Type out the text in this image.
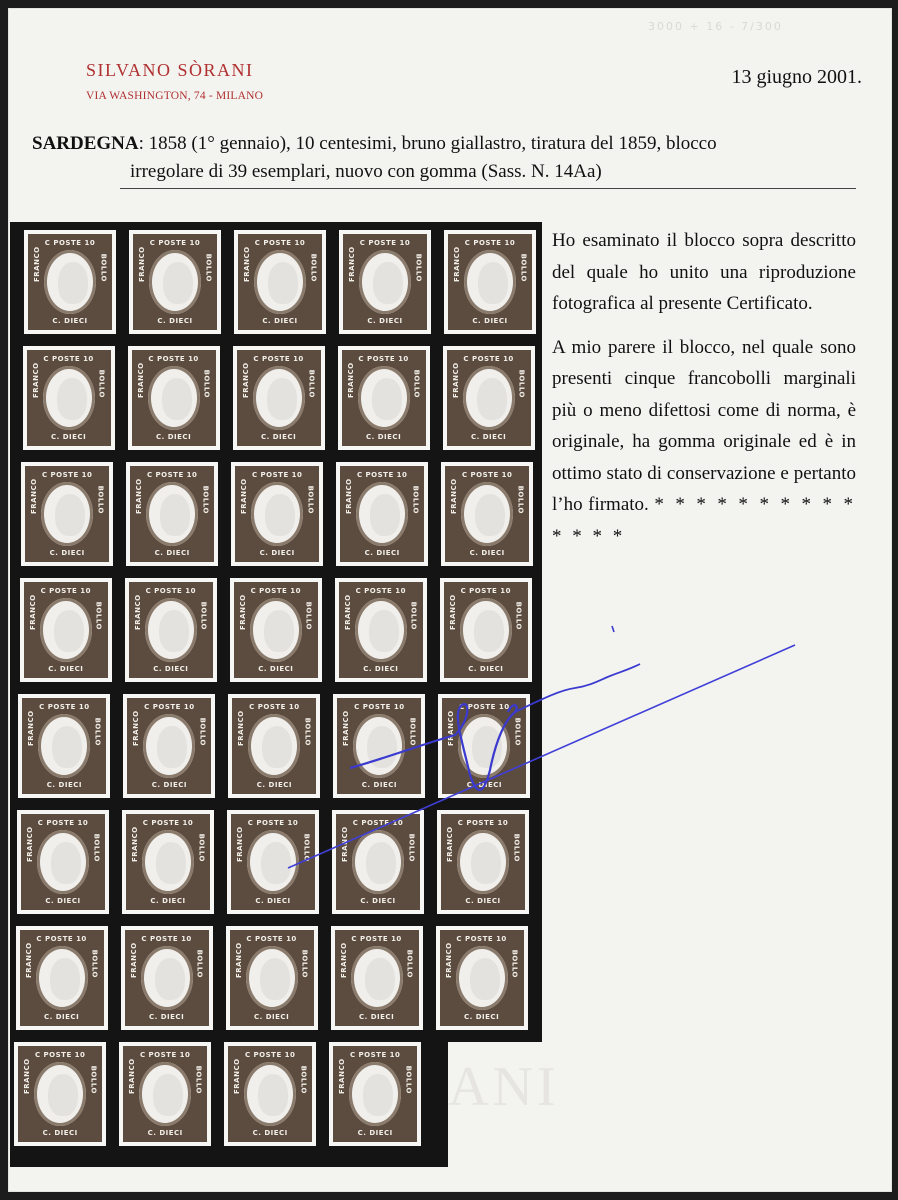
3000 + 16 - 7/300
SILVANO SÒRANI
VIA WASHINGTON, 74 - MILANO
13 giugno 2001.
SARDEGNA: 1858 (1° gennaio), 10 centesimi, bruno giallastro, tiratura del 1859, blocco
irregolare di 39 esemplari, nuovo con gomma (Sass. N. 14Aa)
C POSTE 10
FRANCO	BOLLO
C. DIECI
C POSTE 10
FRANCO	BOLLO
C. DIECI
C POSTE 10
FRANCO	BOLLO
C. DIECI
C POSTE 10
FRANCO	BOLLO
C. DIECI
C POSTE 10
FRANCO	BOLLO
C. DIECI
C POSTE 10
FRANCO	BOLLO
C. DIECI
C POSTE 10
FRANCO	BOLLO
C. DIECI
C POSTE 10
FRANCO	BOLLO
C. DIECI
C POSTE 10
FRANCO	BOLLO
C. DIECI
C POSTE 10
FRANCO	BOLLO
C. DIECI
C POSTE 10
FRANCO	BOLLO
C. DIECI
C POSTE 10
FRANCO	BOLLO
C. DIECI
C POSTE 10
FRANCO	BOLLO
C. DIECI
C POSTE 10
FRANCO	BOLLO
C. DIECI
C POSTE 10
FRANCO	BOLLO
C. DIECI
C POSTE 10
FRANCO	BOLLO
C. DIECI
C POSTE 10
FRANCO	BOLLO
C. DIECI
C POSTE 10
FRANCO	BOLLO
C. DIECI
C POSTE 10
FRANCO	BOLLO
C. DIECI
C POSTE 10
FRANCO	BOLLO
C. DIECI
C POSTE 10
FRANCO	BOLLO
C. DIECI
C POSTE 10
FRANCO	BOLLO
C. DIECI
C POSTE 10
FRANCO	BOLLO
C. DIECI
C POSTE 10
FRANCO	BOLLO
C. DIECI
C POSTE 10
FRANCO	BOLLO
C. DIECI
C POSTE 10
FRANCO	BOLLO
C. DIECI
C POSTE 10
FRANCO	BOLLO
C. DIECI
C POSTE 10
FRANCO	BOLLO
C. DIECI
C POSTE 10
FRANCO	BOLLO
C. DIECI
C POSTE 10
FRANCO	BOLLO
C. DIECI
C POSTE 10
FRANCO	BOLLO
C. DIECI
C POSTE 10
FRANCO	BOLLO
C. DIECI
C POSTE 10
FRANCO	BOLLO
C. DIECI
C POSTE 10
FRANCO	BOLLO
C. DIECI
C POSTE 10
FRANCO	BOLLO
C. DIECI
C POSTE 10
FRANCO	BOLLO
C. DIECI
C POSTE 10
FRANCO	BOLLO
C. DIECI
C POSTE 10
FRANCO	BOLLO
C. DIECI
C POSTE 10
FRANCO	BOLLO
C. DIECI
ANI

Ho esaminato il blocco sopra descritto del quale ho unito una riproduzione fotografica al presente Certificato.

A mio parere il blocco, nel quale sono presenti cinque francobolli marginali più o meno difettosi come di norma, è originale, ha gomma originale ed è in ottimo stato di conservazione e pertanto l’ho firmato. * * * * * * * * * * * * * *
